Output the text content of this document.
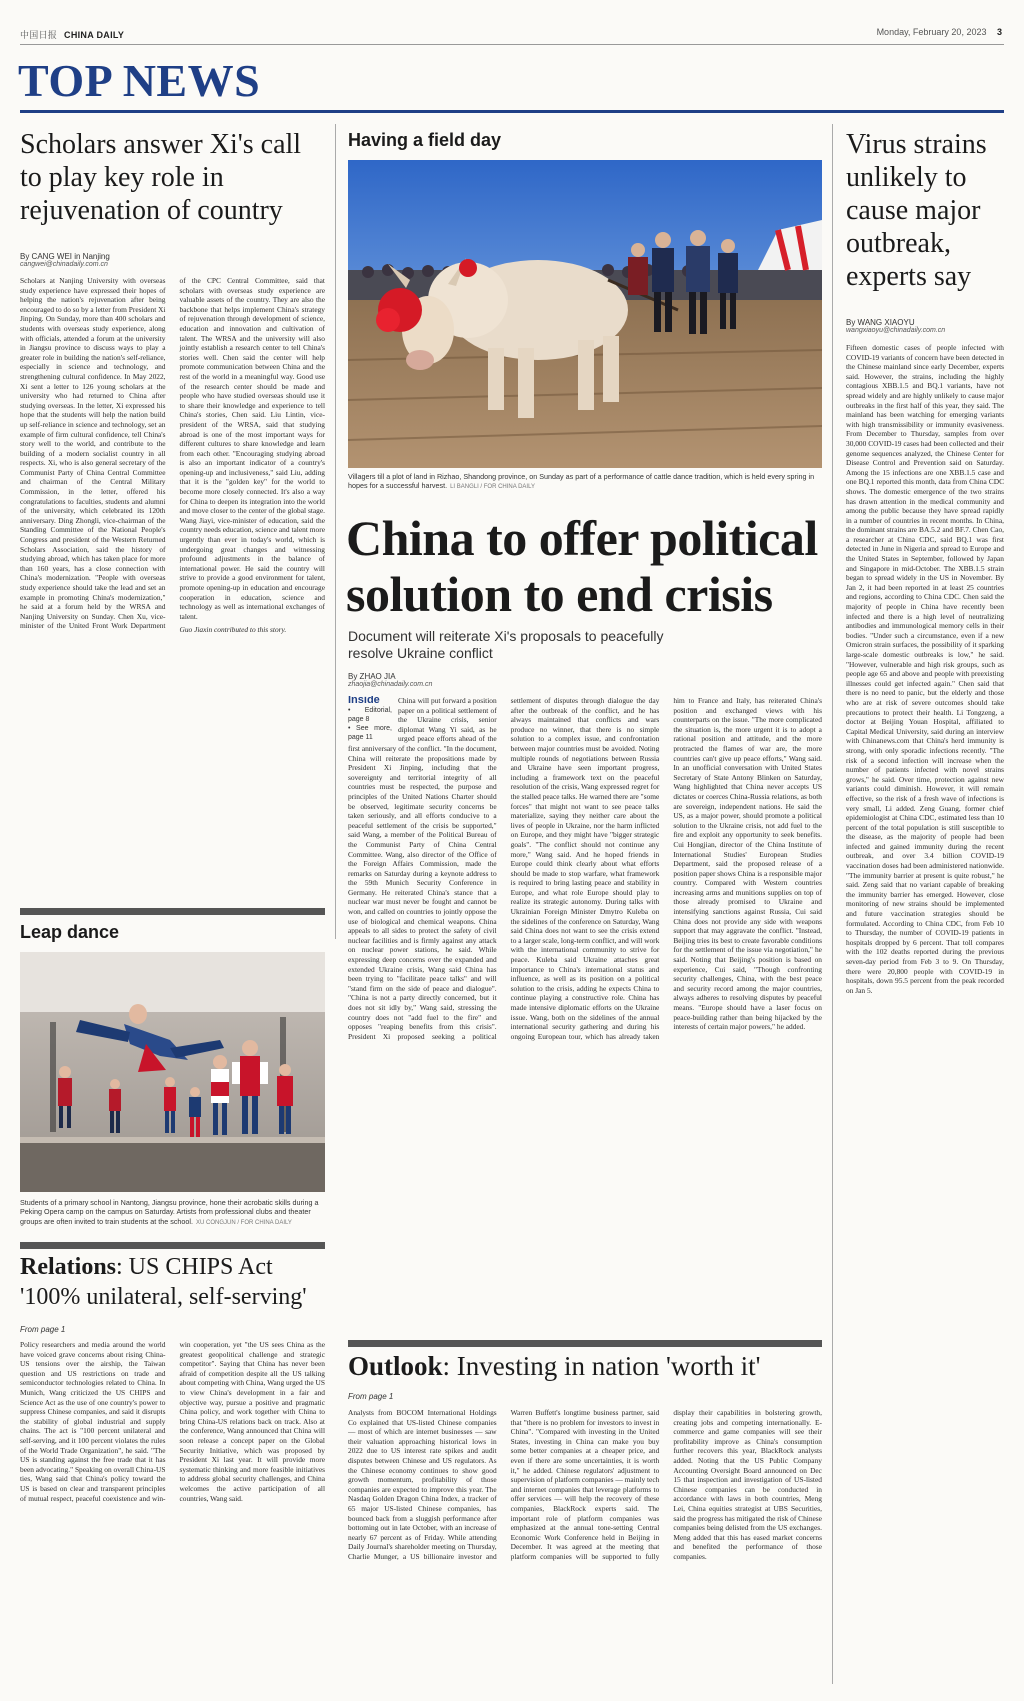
中国日报 CHINA DAILY	Monday, February 20, 2023 3
TOP NEWS
Scholars answer Xi's call to play key role in rejuvenation of country
By CANG WEI in Nanjing
cangwei@chinadaily.com.cn
Scholars at Nanjing University with overseas study experience have expressed their hopes of helping the nation's rejuvenation after being encouraged to do so by a letter from President Xi Jinping. On Sunday, more than 400 scholars and students with overseas study experience, along with officials, attended a forum at the university in Jiangsu province to discuss ways to play a greater role in building the nation's self-reliance, especially in science and technology, and strengthening cultural confidence. In May 2022, Xi sent a letter to 126 young scholars at the university who had returned to China after studying overseas. In the letter, Xi expressed his hope that the students will help the nation build up self-reliance in science and technology, set an example of firm cultural confidence, tell China's story well to the world, and contribute to the building of a modern socialist country in all respects. Xi, who is also general secretary of the Communist Party of China Central Committee and chairman of the Central Military Commission, in the letter, offered his congratulations to faculties, students and alumni of the university, which celebrated its 120th anniversary. Ding Zhongli, vice-chairman of the Standing Committee of the National People's Congress and president of the Western Returned Scholars Association, said the history of studying abroad, which has taken place for more than 160 years, has a close connection with China's modernization. "People with overseas study experience should take the lead and set an example in promoting China's modernization," he said at a forum held by the WRSA and Nanjing University on Sunday. Chen Xu, vice-minister of the United Front Work Department of the CPC Central Committee, said that scholars with overseas study experience are valuable assets of the country. They are also the backbone that helps implement China's strategy of rejuvenation through development of science, education and innovation and cultivation of talent. The WRSA and the university will also jointly establish a research center to tell China's stories well. Chen said the center will help promote communication between China and the rest of the world in a meaningful way. Good use of the research center should be made and people who have studied overseas should use it to share their knowledge and experience to tell China's stories, Chen said. Liu Lintin, vice-president of the WRSA, said that studying abroad is one of the most important ways for different cultures to share knowledge and learn from each other. "Encouraging studying abroad is also an important indicator of a country's opening-up and inclusiveness," said Liu, adding that it is the "golden key" for the world to become more closely connected. It's also a way for China to deepen its integration into the world and move closer to the center of the global stage. Wang Jiayi, vice-minister of education, said the country needs education, science and talent more urgently than ever in today's world, which is undergoing great changes and witnessing profound adjustments in the balance of international power. He said the country will strive to provide a good environment for talent, promote opening-up in education and encourage cooperation in education, science and technology as well as international exchanges of talent.
Guo Jiaxin contributed to this story.
Leap dance
Students of a primary school in Nantong, Jiangsu province, hone their acrobatic skills during a Peking Opera camp on the campus on Saturday. Artists from professional clubs and theater groups are often invited to train students at the school. XU CONGJUN / FOR CHINA DAILY
Relations: US CHIPS Act '100% unilateral, self-serving'
From page 1
Policy researchers and media around the world have voiced grave concerns about rising China-US tensions over the airship, the Taiwan question and US restrictions on trade and semiconductor technologies related to China. In Munich, Wang criticized the US CHIPS and Science Act as the use of one country's power to suppress Chinese companies, and said it disrupts the stability of global industrial and supply chains. The act is "100 percent unilateral and self-serving, and it 100 percent violates the rules of the World Trade Organization", he said. "The US is standing against the free trade that it has been advocating." Speaking on overall China-US ties, Wang said that China's policy toward the US is based on clear and transparent principles of mutual respect, peaceful coexistence and win-win cooperation, yet "the US sees China as the greatest geopolitical challenge and strategic competitor". Saying that China has never been afraid of competition despite all the US talking about competing with China, Wang urged the US to view China's development in a fair and objective way, pursue a positive and pragmatic China policy, and work together with China to bring China-US relations back on track. Also at the conference, Wang announced that China will soon release a concept paper on the Global Security Initiative, which was proposed by President Xi last year. It will provide more systematic thinking and more feasible initiatives to address global security challenges, and China welcomes the active participation of all countries, Wang said.
Having a field day
Villagers till a plot of land in Rizhao, Shandong province, on Sunday as part of a performance of cattle dance tradition, which is held every spring in hopes for a successful harvest. LI BANGLI / FOR CHINA DAILY
China to offer political solution to end crisis
Document will reiterate Xi's proposals to peacefully resolve Ukraine conflict
By ZHAO JIA
zhaojia@chinadaily.com.cn
Inside
• Editorial, page 8
• See more, page 11
China will put forward a position paper on a political settlement of the Ukraine crisis, senior diplomat Wang Yi said, as he urged peace efforts ahead of the first anniversary of the conflict. "In the document, China will reiterate the propositions made by President Xi Jinping, including that the sovereignty and territorial integrity of all countries must be respected, the purpose and principles of the United Nations Charter should be observed, legitimate security concerns be taken seriously, and all efforts conducive to a peaceful settlement of the crisis be supported," said Wang, a member of the Political Bureau of the Communist Party of China Central Committee. Wang, also director of the Office of the Foreign Affairs Commission, made the remarks on Saturday during a keynote address to the 59th Munich Security Conference in Germany. He reiterated China's stance that a nuclear war must never be fought and cannot be won, and called on countries to jointly oppose the use of biological and chemical weapons. China appeals to all sides to protect the safety of civil nuclear facilities and is firmly against any attack on nuclear power stations, he said. While expressing deep concerns over the expanded and extended Ukraine crisis, Wang said China has been trying to "facilitate peace talks" and will "stand firm on the side of peace and dialogue". "China is not a party directly concerned, but it does not sit idly by," Wang said, stressing the country does not "add fuel to the fire" and opposes "reaping benefits from this crisis". President Xi proposed seeking a political settlement of disputes through dialogue the day after the outbreak of the conflict, and he has always maintained that conflicts and wars produce no winner, that there is no simple solution to a complex issue, and confrontation between major countries must be avoided. Noting multiple rounds of negotiations between Russia and Ukraine have seen important progress, including a framework text on the peaceful resolution of the crisis, Wang expressed regret for the stalled peace talks. He warned there are "some forces" that might not want to see peace talks materialize, saying they neither care about the lives of people in Ukraine, nor the harm inflicted on Europe, and they might have "bigger strategic goals". "The conflict should not continue any more," Wang said. And he hoped friends in Europe could think clearly about what efforts should be made to stop warfare, what framework is required to bring lasting peace and stability in Europe, and what role Europe should play to realize its strategic autonomy. During talks with Ukrainian Foreign Minister Dmytro Kuleba on the sidelines of the conference on Saturday, Wang said China does not want to see the crisis extend to a larger scale, long-term conflict, and will work with the international community to strive for peace. Kuleba said Ukraine attaches great importance to China's international status and influence, as well as its position on a political solution to the crisis, adding he expects China to continue playing a constructive role. China has made intensive diplomatic efforts on the Ukraine issue. Wang, both on the sidelines of the annual international security gathering and during his ongoing European tour, which has already taken him to France and Italy, has reiterated China's position and exchanged views with his counterparts on the issue. "The more complicated the situation is, the more urgent it is to adopt a rational position and attitude, and the more protracted the flames of war are, the more countries can't give up peace efforts," Wang said. In an unofficial conversation with United States Secretary of State Antony Blinken on Saturday, Wang highlighted that China never accepts US dictates or coerces China-Russia relations, as both are sovereign, independent nations. He said the US, as a major power, should promote a political solution to the Ukraine crisis, not add fuel to the fire and exploit any opportunity to seek benefits. Cui Hongjian, director of the China Institute of International Studies' European Studies Department, said the proposed release of a position paper shows China is a responsible major country. Compared with Western countries increasing arms and munitions supplies on top of those already promised to Ukraine and intensifying sanctions against Russia, Cui said China does not provide any side with weapons support that may aggravate the conflict. "Instead, Beijing tries its best to create favorable conditions for the settlement of the issue via negotiation," he said. Noting that Beijing's position is based on experience, Cui said, "Though confronting security challenges, China, with the best peace and security record among the major countries, always adheres to resolving disputes by peaceful means. "Europe should have a laser focus on peace-building rather than being hijacked by the interests of certain major powers," he added.
Outlook: Investing in nation 'worth it'
From page 1
Analysts from BOCOM International Holdings Co explained that US-listed Chinese companies — most of which are internet businesses — saw their valuation approaching historical lows in 2022 due to US interest rate spikes and audit disputes between Chinese and US regulators. As the Chinese economy continues to show good growth momentum, profitability of those companies are expected to improve this year. The Nasdaq Golden Dragon China Index, a tracker of 65 major US-listed Chinese companies, has bounced back from a sluggish performance after bottoming out in late October, with an increase of nearly 67 percent as of Friday. While attending Daily Journal's shareholder meeting on Thursday, Charlie Munger, a US billionaire investor and Warren Buffett's longtime business partner, said that "there is no problem for investors to invest in China". "Compared with investing in the United States, investing in China can make you buy some better companies at a cheaper price, and even if there are some uncertainties, it is worth it," he added. Chinese regulators' adjustment to supervision of platform companies — mainly tech and internet companies that leverage platforms to offer services — will help the recovery of these companies, BlackRock experts said. The important role of platform companies was emphasized at the annual tone-setting Central Economic Work Conference held in Beijing in December. It was agreed at the meeting that platform companies will be supported to fully display their capabilities in bolstering growth, creating jobs and competing internationally. E-commerce and game companies will see their profitability improve as China's consumption further recovers this year, BlackRock analysts added. Noting that the US Public Company Accounting Oversight Board announced on Dec 15 that inspection and investigation of US-listed Chinese companies can be conducted in accordance with laws in both countries, Meng Lei, China equities strategist at UBS Securities, said the progress has mitigated the risk of Chinese companies being delisted from the US exchanges. Meng added that this has eased market concerns and benefited the performance of those companies.
Virus strains unlikely to cause major outbreak, experts say
By WANG XIAOYU
wangxiaoyu@chinadaily.com.cn
Fifteen domestic cases of people infected with COVID-19 variants of concern have been detected in the Chinese mainland since early December, experts said. However, the strains, including the highly contagious XBB.1.5 and BQ.1 variants, have not spread widely and are highly unlikely to cause major outbreaks in the first half of this year, they said. The mainland has been watching for emerging variants with high transmissibility or immunity evasiveness. From December to Thursday, samples from over 30,000 COVID-19 cases had been collected and their genome sequences analyzed, the Chinese Center for Disease Control and Prevention said on Saturday. Among the 15 infections are one XBB.1.5 case and one BQ.1 reported this month, data from China CDC shows. The domestic emergence of the two strains has drawn attention in the medical community and among the public because they have spread rapidly in a number of countries in recent months. In China, the dominant strains are BA.5.2 and BF.7. Chen Cao, a researcher at China CDC, said BQ.1 was first detected in June in Nigeria and spread to Europe and the United States in September, followed by Japan and Singapore in mid-October. The XBB.1.5 strain began to spread widely in the US in November. By Jan 2, it had been reported in at least 25 countries and regions, according to China CDC. Chen said the majority of people in China have recently been infected and there is a high level of neutralizing antibodies and immunological memory cells in their bodies. "Under such a circumstance, even if a new Omicron strain surfaces, the possibility of it sparking large-scale domestic outbreaks is low," he said. "However, vulnerable and high risk groups, such as people age 65 and above and people with preexisting illnesses could get infected again." Chen said that there is no need to panic, but the elderly and those who are at risk of severe outcomes should take precautions to protect their health. Li Tongzeng, a doctor at Beijing Youan Hospital, affiliated to Capital Medical University, said during an interview with Chinanews.com that China's herd immunity is strong, with only sporadic infections recently. "The risk of a second infection will increase when the number of patients infected with novel strains grows," he said. Over time, protection against new variants could diminish. However, it will remain effective, so the risk of a fresh wave of infections is very small, Li added. Zeng Guang, former chief epidemiologist at China CDC, estimated less than 10 percent of the total population is still susceptible to the disease, as the majority of people had been infected and gained immunity during the recent outbreak, and over 3.4 billion COVID-19 vaccination doses had been administered nationwide. "The immunity barrier at present is quite robust," he said. Zeng said that no variant capable of breaking the immunity barrier has emerged. However, close monitoring of new strains should be implemented and future vaccination strategies should be formulated. According to China CDC, from Feb 10 to Thursday, the number of COVID-19 patients in hospitals dropped by 6 percent. That toll compares with the 102 deaths reported during the previous seven-day period from Feb 3 to 9. On Thursday, there were 20,800 people with COVID-19 in hospitals, down 95.5 percent from the peak recorded on Jan 5.
